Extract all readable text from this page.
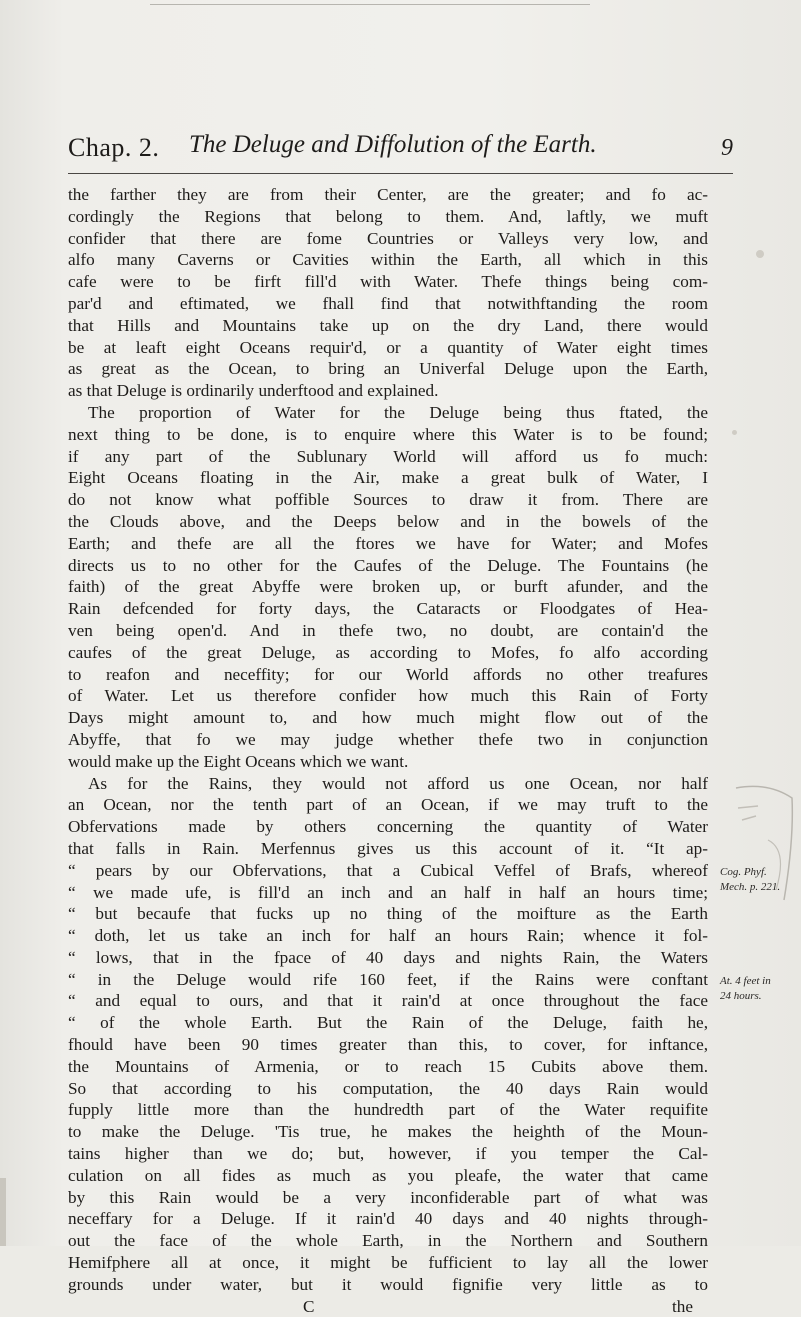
Chap. 2. The Deluge and Diffolution of the Earth.	9
the farther they are from their Center, are the greater; and fo ac-
cordingly the Regions that belong to them. And, laftly, we muft
confider that there are fome Countries or Valleys very low, and
alfo many Caverns or Cavities within the Earth, all which in this
cafe were to be firft fill'd with Water. Thefe things being com-
par'd and eftimated, we fhall find that notwithftanding the room
that Hills and Mountains take up on the dry Land, there would
be at leaft eight Oceans requir'd, or a quantity of Water eight times
as great as the Ocean, to bring an Univerfal Deluge upon the Earth,
as that Deluge is ordinarily underftood and explained.
The proportion of Water for the Deluge being thus ftated, the
next thing to be done, is to enquire where this Water is to be found;
if any part of the Sublunary World will afford us fo much:
Eight Oceans floating in the Air, make a great bulk of Water, I
do not know what poffible Sources to draw it from. There are
the Clouds above, and the Deeps below and in the bowels of the
Earth; and thefe are all the ftores we have for Water; and Mofes
directs us to no other for the Caufes of the Deluge. The Fountains (he
faith) of the great Abyffe were broken up, or burft afunder, and the
Rain defcended for forty days, the Cataracts or Floodgates of Hea-
ven being open'd. And in thefe two, no doubt, are contain'd the
caufes of the great Deluge, as according to Mofes, fo alfo according
to reafon and neceffity; for our World affords no other treafures
of Water. Let us therefore confider how much this Rain of Forty
Days might amount to, and how much might flow out of the
Abyffe, that fo we may judge whether thefe two in conjunction
would make up the Eight Oceans which we want.
As for the Rains, they would not afford us one Ocean, nor half
an Ocean, nor the tenth part of an Ocean, if we may truft to the
Obfervations made by others concerning the quantity of Water
that falls in Rain. Merfennus gives us this account of it. “It ap-
“ pears by our Obfervations, that a Cubical Veffel of Brafs, whereof
“ we made ufe, is fill'd an inch and an half in half an hours time;
“ but becaufe that fucks up no thing of the moifture as the Earth
“ doth, let us take an inch for half an hours Rain; whence it fol-
“ lows, that in the fpace of 40 days and nights Rain, the Waters
“ in the Deluge would rife 160 feet, if the Rains were conftant
“ and equal to ours, and that it rain'd at once throughout the face
“ of the whole Earth. But the Rain of the Deluge, faith he,
fhould have been 90 times greater than this, to cover, for inftance,
the Mountains of Armenia, or to reach 15 Cubits above them.
So that according to his computation, the 40 days Rain would
fupply little more than the hundredth part of the Water requifite
to make the Deluge. 'Tis true, he makes the heighth of the Moun-
tains higher than we do; but, however, if you temper the Cal-
culation on all fides as much as you pleafe, the water that came
by this Rain would be a very inconfiderable part of what was
neceffary for a Deluge. If it rain'd 40 days and 40 nights through-
out the face of the whole Earth, in the Northern and Southern
Hemifphere all at once, it might be fufficient to lay all the lower
grounds under water, but it would fignifie very little as to
C	the
Cog. Phyf.
Mech. p. 221.
At. 4 feet in
24 hours.
